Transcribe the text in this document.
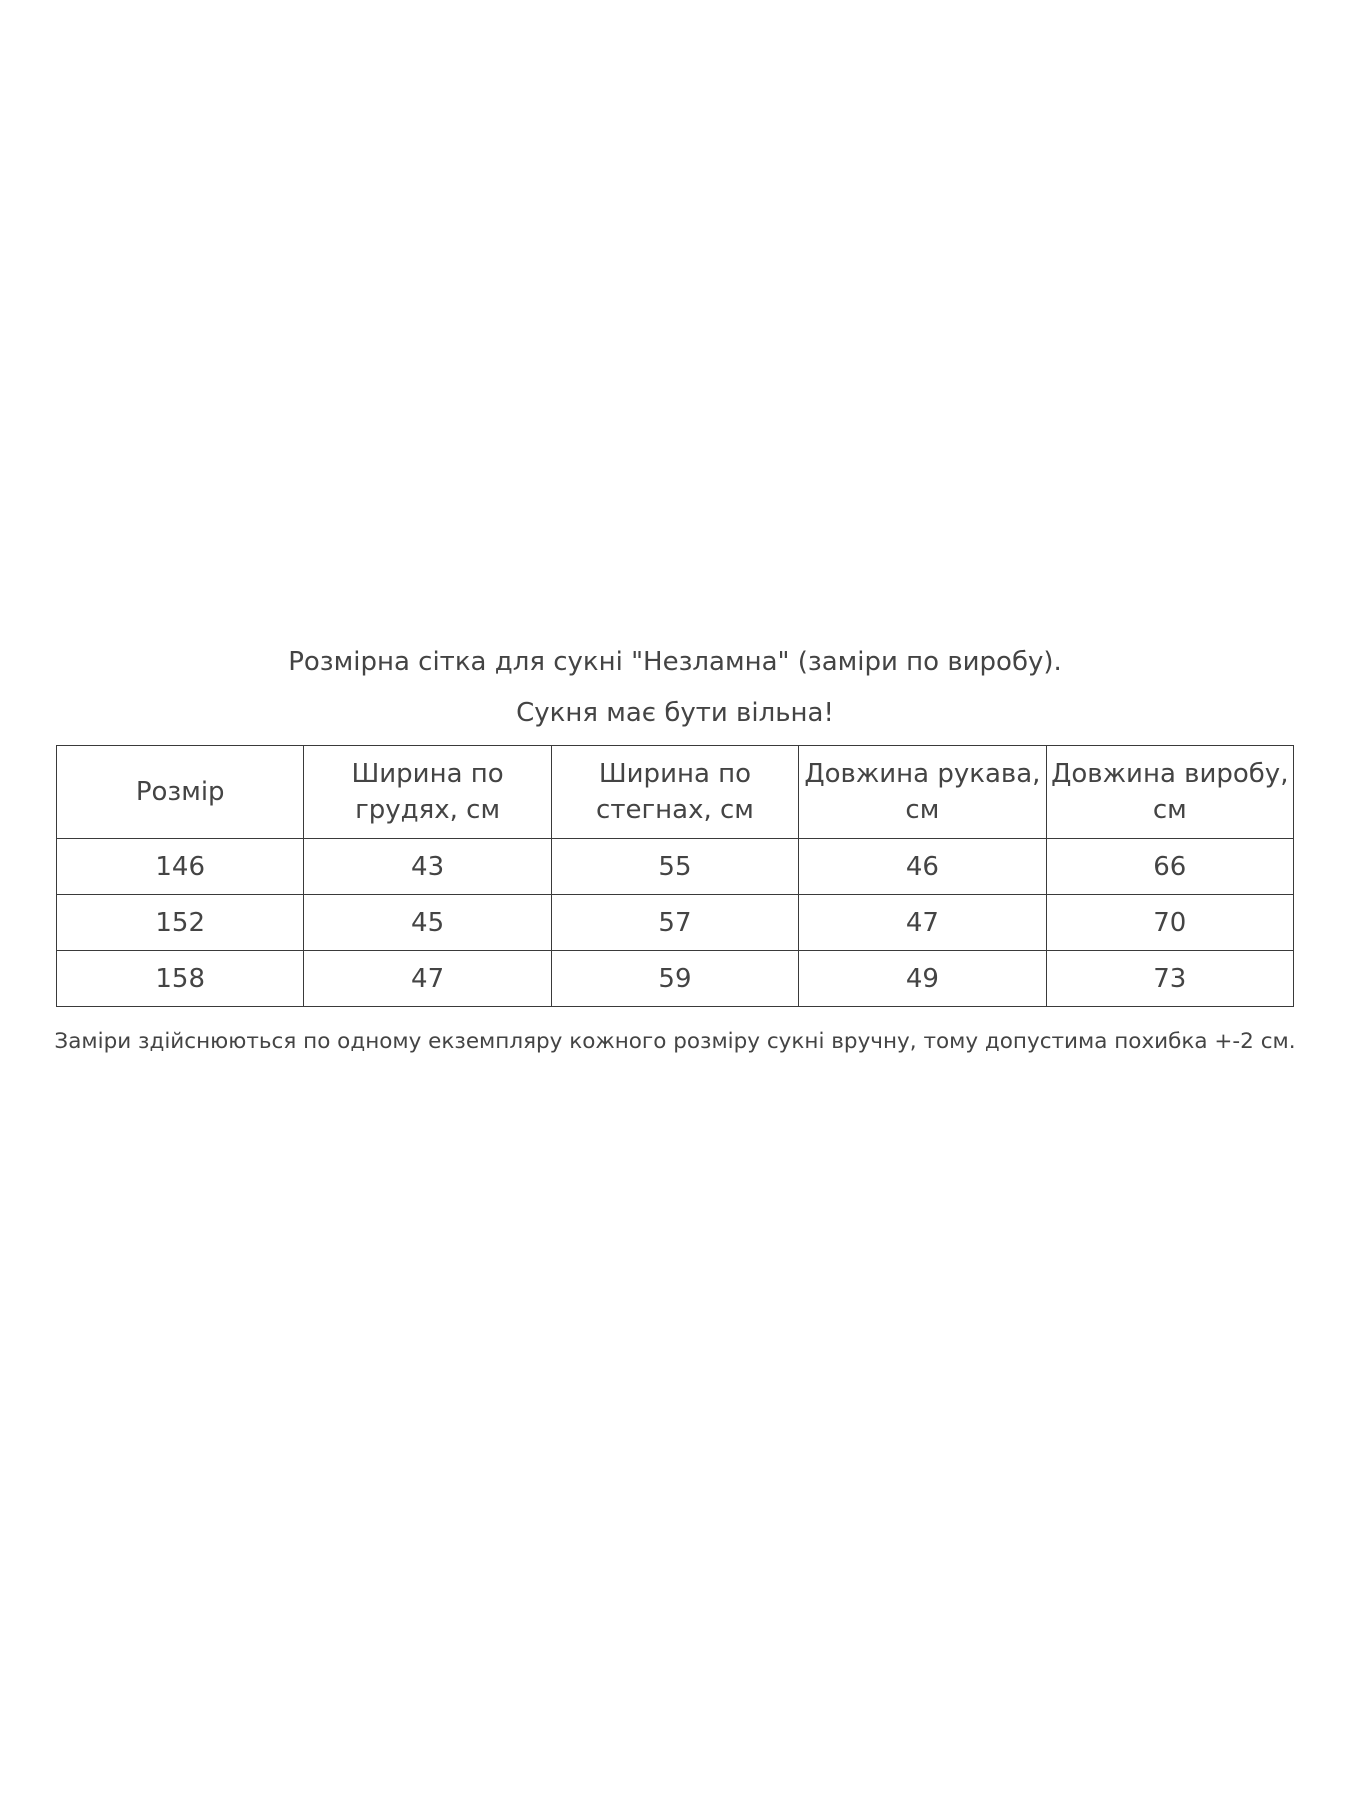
Розмірна сітка для сукні "Незламна" (заміри по виробу).
Сукня має бути вільна!
Розмір	Ширина по грудях, см	Ширина по стегнах, см	Довжина рукава, см	Довжина виробу, см
146	43	55	46	66
152	45	57	47	70
158	47	59	49	73
Заміри здійснюються по одному екземпляру кожного розміру сукні вручну, тому допустима похибка +-2 см.
